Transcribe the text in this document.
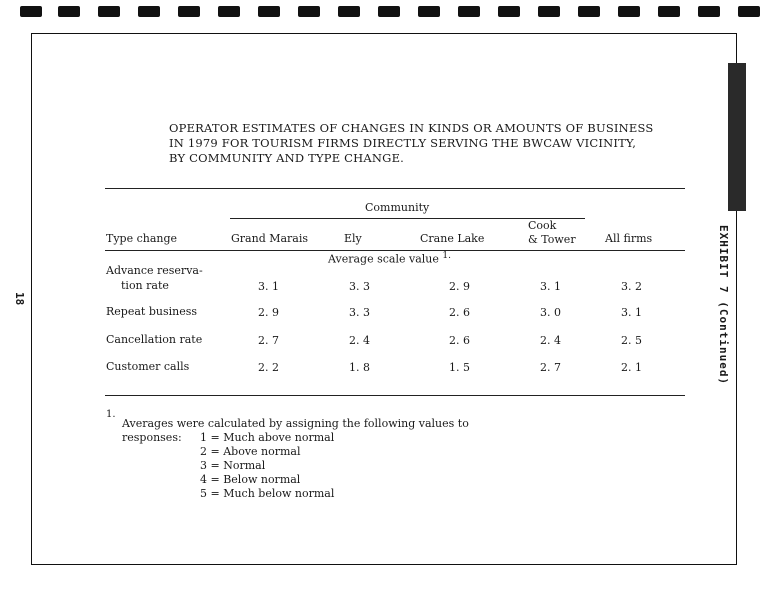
EXHIBIT 7 (Continued)
18
OPERATOR ESTIMATES OF CHANGES IN KINDS OR AMOUNTS OF BUSINESS
IN 1979 FOR TOURISM FIRMS DIRECTLY SERVING THE BWCAW VICINITY,
BY COMMUNITY AND TYPE CHANGE.
Community
Type change	Grand Marais	Ely	Crane Lake
Cook
& Tower	All firms
Average scale value $^{1.}$
Advance reserva-
tion rate	3. 1	3. 3	2. 9	3. 1	3. 2
Repeat business	2. 9	3. 3	2. 6	3. 0	3. 1
Cancellation rate	2. 7	2. 4	2. 6	2. 4	2. 5
Customer calls	2. 2	1. 8	1. 5	2. 7	2. 1
1.
Averages were calculated by assigning the following values to
responses: 1 = Much above normal
2 = Above normal
3 = Normal
4 = Below normal
5 = Much below normal
